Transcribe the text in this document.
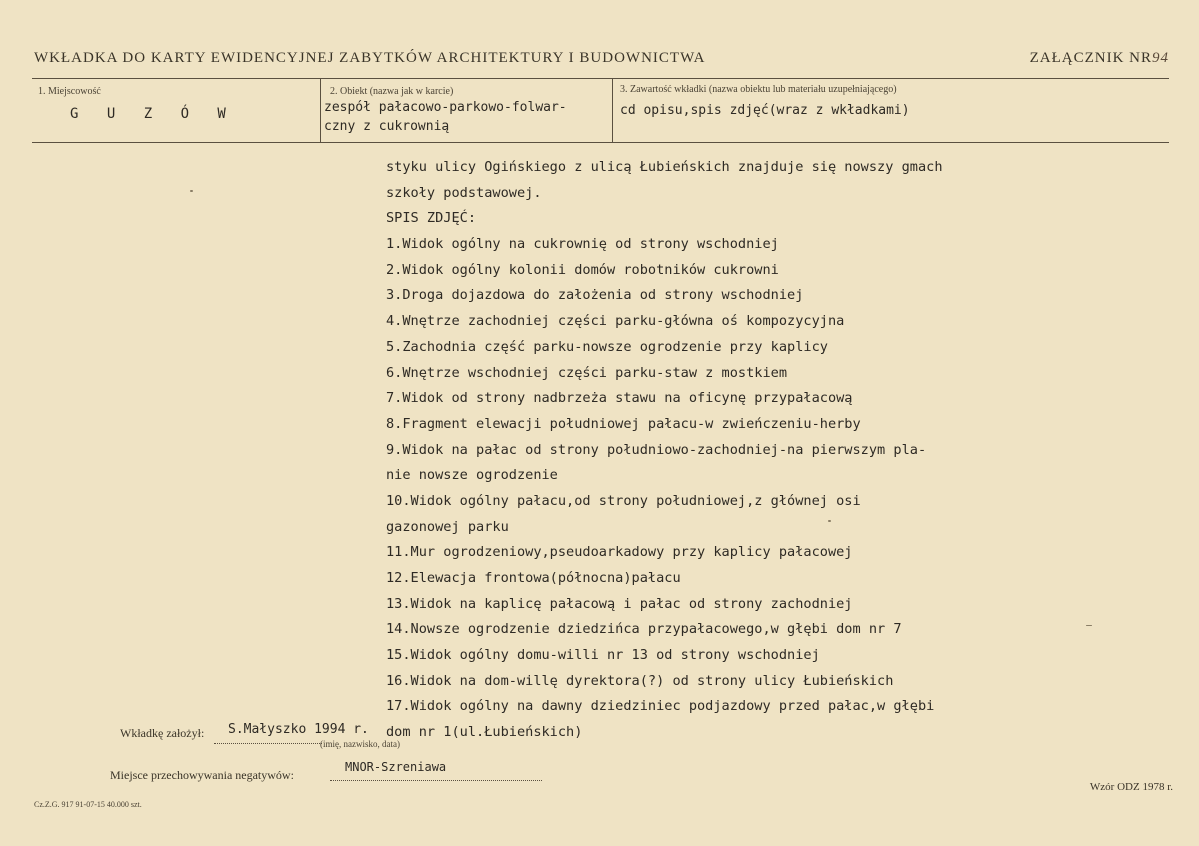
WKŁADKA DO KARTY EWIDENCYJNEJ ZABYTKÓW ARCHITEKTURY I BUDOWNICTWA	ZAŁĄCZNIK NR94
1. Miejscowość
G U Z Ó W
2. Obiekt (nazwa jak w karcie)
zespół pałacowo-parkowo-folwar-
czny z cukrownią
3. Zawartość wkładki (nazwa obiektu lub materiału uzupełniającego)
cd opisu,spis zdjęć(wraz z wkładkami)
styku ulicy Ogińskiego z ulicą Łubieńskich znajduje się nowszy gmach
szkoły podstawowej.
SPIS ZDJĘĆ:
1.Widok ogólny na cukrownię od strony wschodniej
2.Widok ogólny kolonii domów robotników cukrowni
3.Droga dojazdowa do założenia od strony wschodniej
4.Wnętrze zachodniej części parku-główna oś kompozycyjna
5.Zachodnia część parku-nowsze ogrodzenie przy kaplicy
6.Wnętrze wschodniej części parku-staw z mostkiem
7.Widok od strony nadbrzeża stawu na oficynę przypałacową
8.Fragment elewacji południowej pałacu-w zwieńczeniu-herby
9.Widok na pałac od strony południowo-zachodniej-na pierwszym pla-
nie nowsze ogrodzenie
10.Widok ogólny pałacu,od strony południowej,z głównej osi
gazonowej parku
11.Mur ogrodzeniowy,pseudoarkadowy przy kaplicy pałacowej
12.Elewacja frontowa(północna)pałacu
13.Widok na kaplicę pałacową i pałac od strony zachodniej
14.Nowsze ogrodzenie dziedzińca przypałacowego,w głębi dom nr 7
15.Widok ogólny domu-willi nr 13 od strony wschodniej
16.Widok na dom-willę dyrektora(?) od strony ulicy Łubieńskich
17.Widok ogólny na dawny dziedziniec podjazdowy przed pałac,w głębi
dom nr 1(ul.Łubieńskich)
Wkładkę założył: S.Małyszko 1994 r.
(imię, nazwisko, data)
Miejsce przechowywania negatywów:
MNOR-Szreniawa
Cz.Z.G. 917 91-07-15 40.000 szt.
Wzór ODZ 1978 r.
